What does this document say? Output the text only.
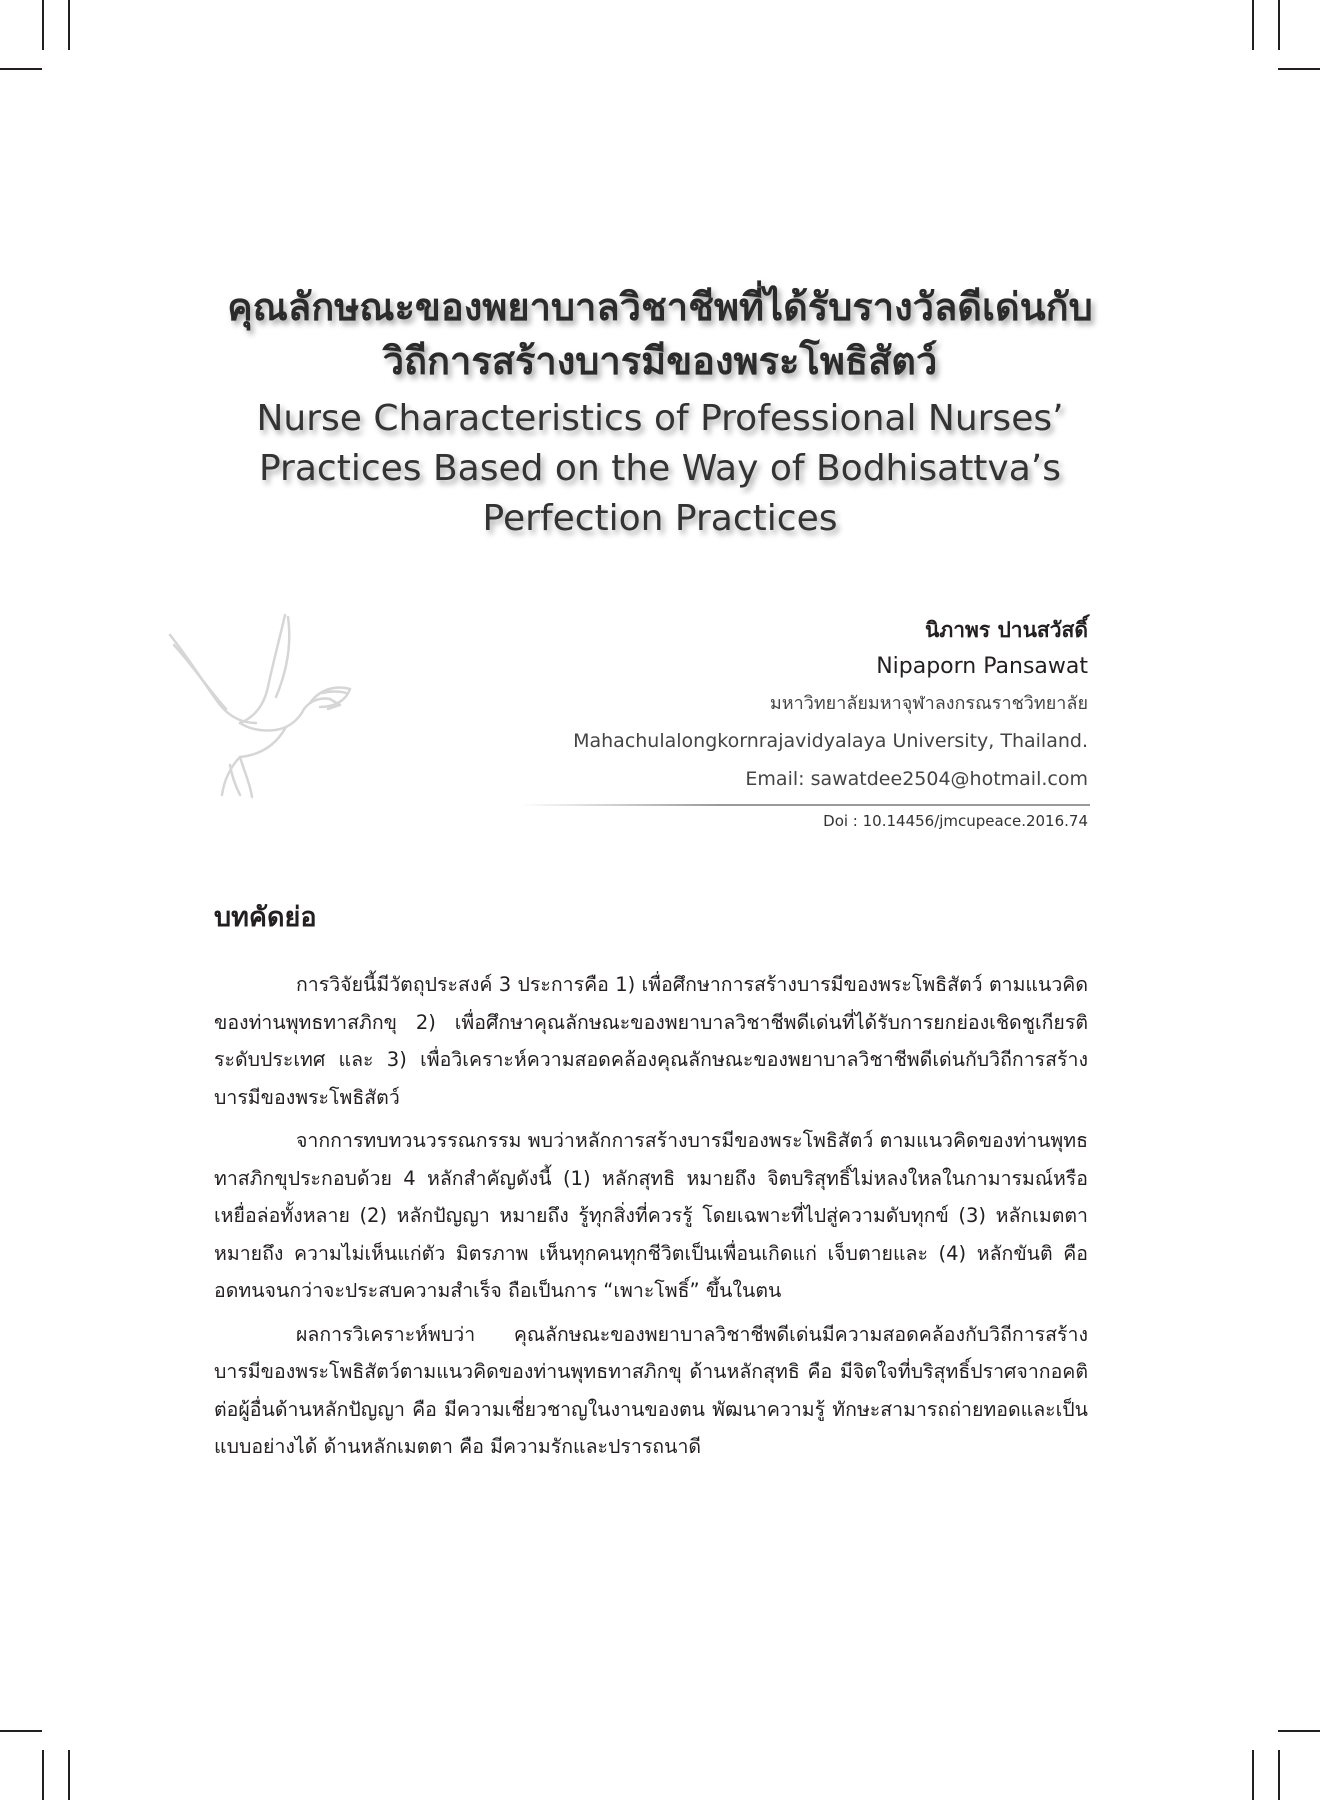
คุณลักษณะของพยาบาลวิชาชีพที่ได้รับรางวัลดีเด่นกับ
วิถีการสร้างบารมีของพระโพธิสัตว์
Nurse Characteristics of Professional Nurses’
Practices Based on the Way of Bodhisattva’s
Perfection Practices
นิภาพร ปานสวัสดิ์
Nipaporn Pansawat
มหาวิทยาลัยมหาจุฬาลงกรณราชวิทยาลัย
Mahachulalongkornrajavidyalaya University, Thailand.
Email: sawatdee2504@hotmail.com
Doi : 10.14456/jmcupeace.2016.74
บทคัดย่อ

การวิจัยนี้มีวัตถุประสงค์ 3 ประการคือ 1) เพื่อศึกษาการสร้างบารมีของพระโพธิสัตว์ ตามแนวคิดของท่านพุทธทาสภิกขุ 2) เพื่อศึกษาคุณลักษณะของพยาบาลวิชาชีพดีเด่นที่ได้รับการยกย่องเชิดชูเกียรติระดับประเทศ และ 3) เพื่อวิเคราะห์ความสอดคล้องคุณลักษณะของพยาบาลวิชาชีพดีเด่นกับวิถีการสร้างบารมีของพระโพธิสัตว์

จากการทบทวนวรรณกรรม พบว่าหลักการสร้างบารมีของพระโพธิสัตว์ ตามแนวคิดของท่านพุทธทาสภิกขุประกอบด้วย 4 หลักสำคัญดังนี้ (1) หลักสุทธิ หมายถึง จิตบริสุทธิ์ไม่หลงใหลในกามารมณ์หรือเหยื่อล่อทั้งหลาย (2) หลักปัญญา หมายถึง รู้ทุกสิ่งที่ควรรู้ โดยเฉพาะที่ไปสู่ความดับทุกข์ (3) หลักเมตตา หมายถึง ความไม่เห็นแก่ตัว มิตรภาพ เห็นทุกคนทุกชีวิตเป็นเพื่อนเกิดแก่ เจ็บตายและ (4) หลักขันติ คือ อดทนจนกว่าจะประสบความสำเร็จ ถือเป็นการ “เพาะโพธิ์” ขึ้นในตน

ผลการวิเคราะห์พบว่า คุณลักษณะของพยาบาลวิชาชีพดีเด่นมีความสอดคล้องกับวิถีการสร้างบารมีของพระโพธิสัตว์ตามแนวคิดของท่านพุทธทาสภิกขุ ด้านหลักสุทธิ คือ มีจิตใจที่บริสุทธิ์ปราศจากอคติต่อผู้อื่นด้านหลักปัญญา คือ มีความเชี่ยวชาญในงานของตน พัฒนาความรู้ ทักษะสามารถถ่ายทอดและเป็นแบบอย่างได้ ด้านหลักเมตตา คือ มีความรักและปรารถนาดี
